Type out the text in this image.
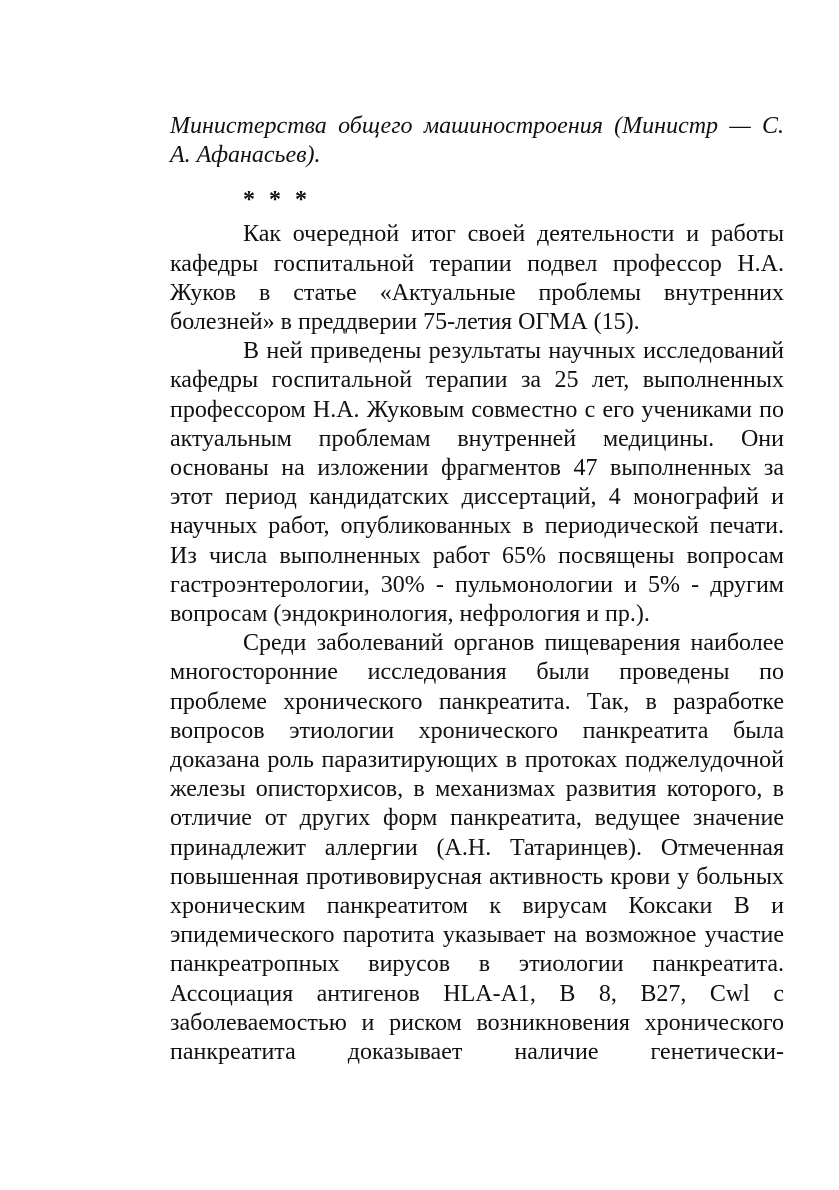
Министерства общего машиностроения (Министр — С. А. Афанасьев).

* * *

Как очередной итог своей деятельности и работы кафедры госпитальной терапии подвел профессор Н.А. Жуков в статье «Актуальные проблемы внутренних болезней» в преддверии 75-летия ОГМА (15).

В ней приведены результаты научных исследований кафедры госпитальной терапии за 25 лет, выполненных профессором Н.А. Жуковым совместно с его учениками по актуальным проблемам внутренней медицины. Они основаны на изложении фрагментов 47 выполненных за этот период кандидатских диссертаций, 4 монографий и научных работ, опубликованных в периодической печати. Из числа выполненных работ 65% посвящены вопросам гастроэнтерологии, 30% - пульмонологии и 5% - другим вопросам (эндокринология, нефрология и пр.).

Среди заболеваний органов пищеварения наиболее многосторонние исследования были проведены по проблеме хронического панкреатита. Так, в разработке вопросов этиологии хронического панкреатита была доказана роль паразитирующих в протоках поджелудочной железы описторхисов, в механизмах развития которого, в отличие от других форм панкреатита, ведущее значение принадлежит аллергии (А.Н. Татаринцев). Отмеченная повышенная противовирусная активность крови у больных хроническим панкреатитом к вирусам Коксаки В и эпидемического паротита указывает на возможное участие панкреатропных вирусов в этиологии панкреатита. Ассоциация антигенов HLA-A1, В 8, В27, Cwl с заболеваемостью и риском возникновения хронического панкреатита доказывает наличие генетически-
